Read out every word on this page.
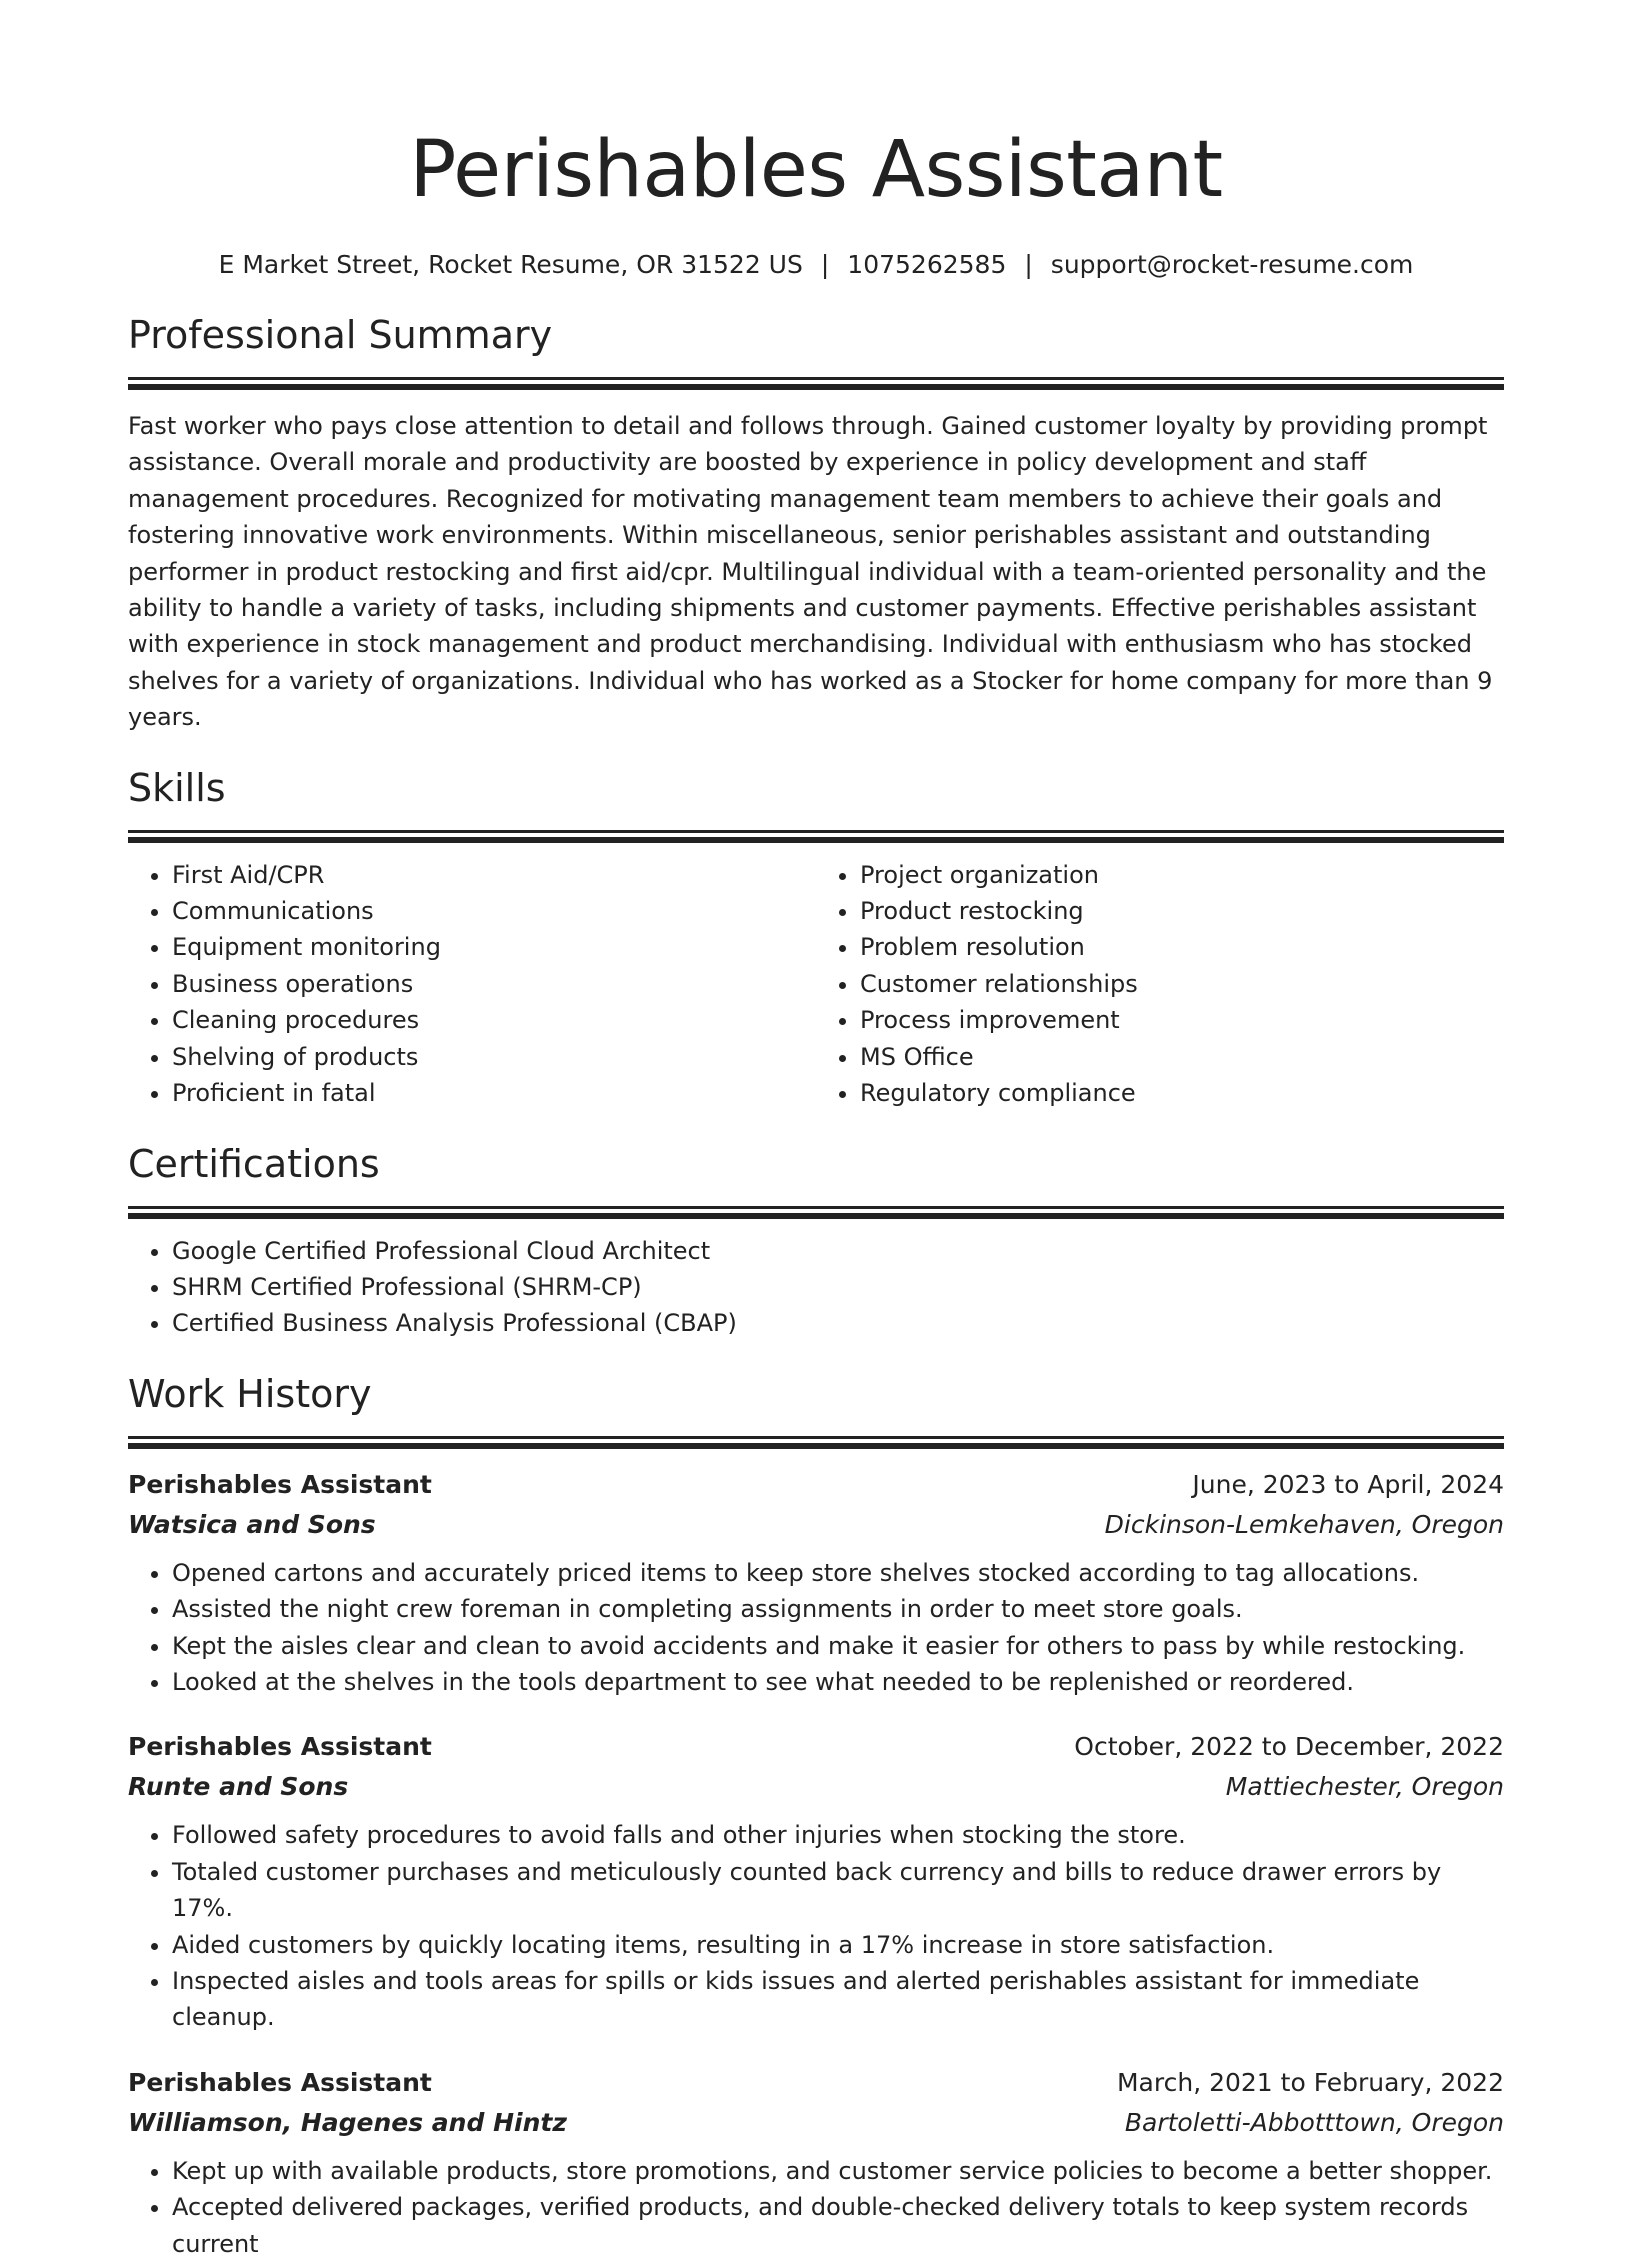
Perishables Assistant
E Market Street, Rocket Resume, OR 31522 US | 1075262585 | support@rocket-resume.com
Professional Summary

Fast worker who pays close attention to detail and follows through. Gained customer loyalty by providing prompt assistance. Overall morale and productivity are boosted by experience in policy development and staff management procedures. Recognized for motivating management team members to achieve their goals and fostering innovative work environments. Within miscellaneous, senior perishables assistant and outstanding performer in product restocking and first aid/cpr. Multilingual individual with a team-oriented personality and the ability to handle a variety of tasks, including shipments and customer payments. Effective perishables assistant with experience in stock management and product merchandising. Individual with enthusiasm who has stocked shelves for a variety of organizations. Individual who has worked as a Stocker for home company for more than 9 years.

Skills
• First Aid/CPR
• Communications
• Equipment monitoring
• Business operations
• Cleaning procedures
• Shelving of products
• Proficient in fatal
• Project organization
• Product restocking
• Problem resolution
• Customer relationships
• Process improvement
• MS Office
• Regulatory compliance
Certifications
• Google Certified Professional Cloud Architect
• SHRM Certified Professional (SHRM-CP)
• Certified Business Analysis Professional (CBAP)
Work History
Perishables Assistant	June, 2023 to April, 2024
Watsica and Sons	Dickinson-Lemkehaven, Oregon
• Opened cartons and accurately priced items to keep store shelves stocked according to tag allocations.
• Assisted the night crew foreman in completing assignments in order to meet store goals.
• Kept the aisles clear and clean to avoid accidents and make it easier for others to pass by while restocking.
• Looked at the shelves in the tools department to see what needed to be replenished or reordered.
Perishables Assistant	October, 2022 to December, 2022
Runte and Sons	Mattiechester, Oregon
• Followed safety procedures to avoid falls and other injuries when stocking the store.
• Totaled customer purchases and meticulously counted back currency and bills to reduce drawer errors by 17%.
• Aided customers by quickly locating items, resulting in a 17% increase in store satisfaction.
• Inspected aisles and tools areas for spills or kids issues and alerted perishables assistant for immediate cleanup.
Perishables Assistant	March, 2021 to February, 2022
Williamson, Hagenes and Hintz	Bartoletti-Abbotttown, Oregon
• Kept up with available products, store promotions, and customer service policies to become a better shopper.
• Accepted delivered packages, verified products, and double-checked delivery totals to keep system records current
